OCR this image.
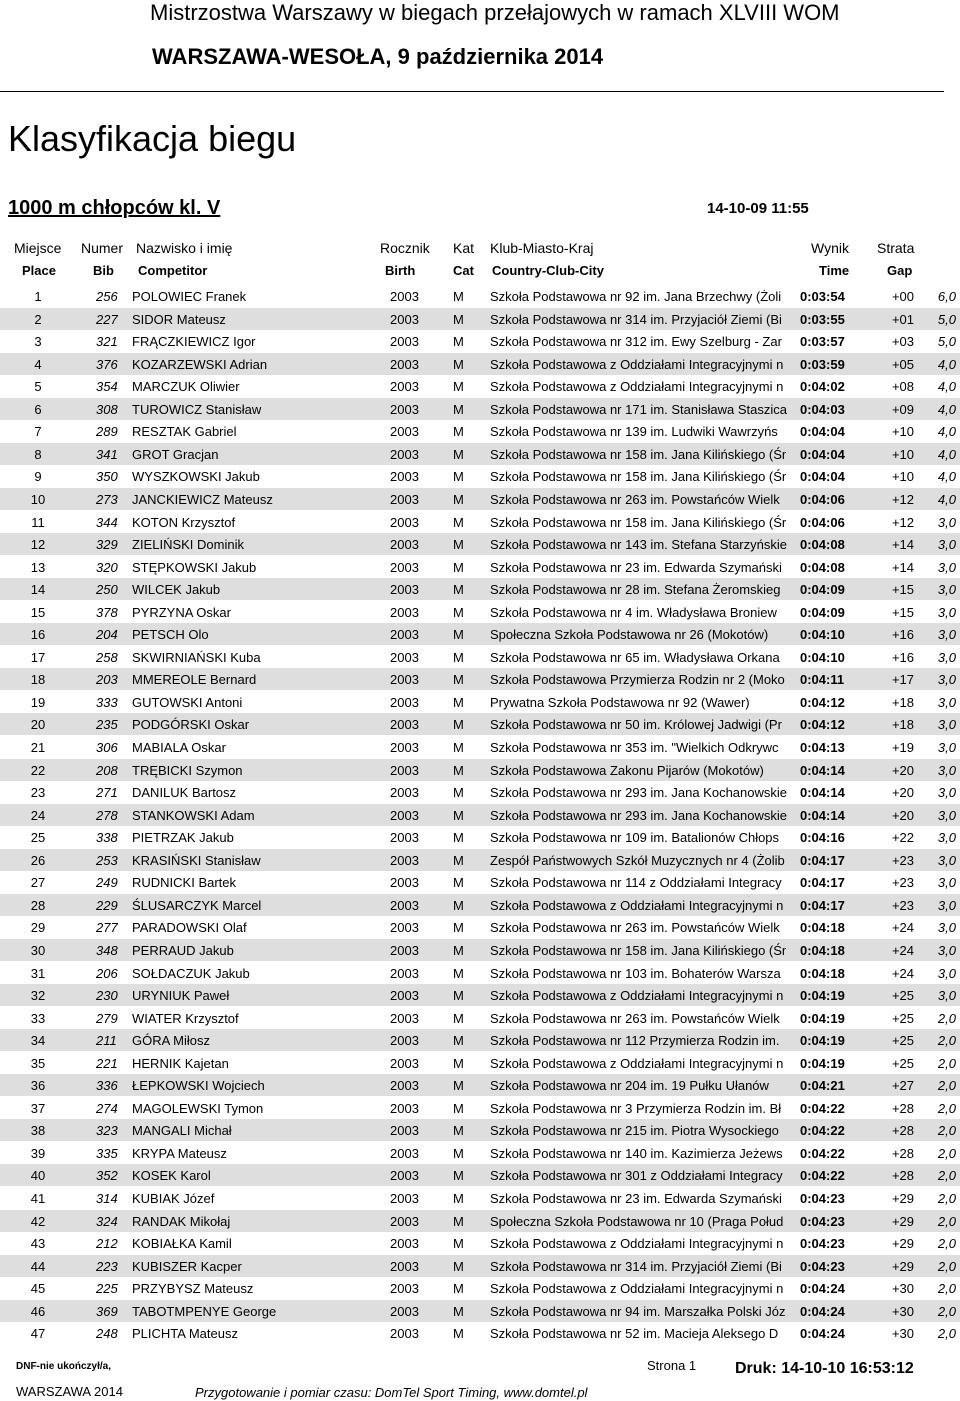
Mistrzostwa Warszawy w biegach przełajowych w ramach XLVIII WOM
WARSZAWA-WESOŁA, 9 października 2014
Klasyfikacja biegu
1000 m chłopców kl. V	14-10-09 11:55
Miejsce Numer Nazwisko i imię	Rocznik Kat Klub-Miasto-Kraj	Wynik Strata
Place	Bib Competitor	Birth	Cat Country-Club-City	Time	Gap
1	256	POLOWIEC Franek	2003	M Szkoła Podstawowa nr 92 im. Jana Brzechwy (Żoli	0:03:54	+00	6,0
2	227	SIDOR Mateusz	2003	M Szkoła Podstawowa nr 314 im. Przyjaciół Ziemi (Bi	0:03:55	+01	5,0
3	321	FRĄCZKIEWICZ Igor	2003	M Szkoła Podstawowa nr 312 im. Ewy Szelburg - Zar	0:03:57	+03	5,0
4	376	KOZARZEWSKI Adrian	2003	M Szkoła Podstawowa z Oddziałami Integracyjnymi n	0:03:59	+05	4,0
5	354	MARCZUK Oliwier	2003	M Szkoła Podstawowa z Oddziałami Integracyjnymi n	0:04:02	+08	4,0
6	308	TUROWICZ Stanisław	2003	M Szkoła Podstawowa nr 171 im. Stanisława Staszica 0:04:03	+09	4,0
7	289	RESZTAK Gabriel	2003	M Szkoła Podstawowa nr 139 im. Ludwiki Wawrzyńs	0:04:04	+10	4,0
8	341	GROT Gracjan	2003	M Szkoła Podstawowa nr 158 im. Jana Kilińskiego (Śr 0:04:04	+10	4,0
9	350	WYSZKOWSKI Jakub	2003	M Szkoła Podstawowa nr 158 im. Jana Kilińskiego (Śr 0:04:04	+10	4,0
10	273	JANCKIEWICZ Mateusz	2003	M Szkoła Podstawowa nr 263 im. Powstańców Wielk	0:04:06	+12	4,0
11	344	KOTON Krzysztof	2003	M Szkoła Podstawowa nr 158 im. Jana Kilińskiego (Śr 0:04:06	+12	3,0
12	329	ZIELIŃSKI Dominik	2003	M Szkoła Podstawowa nr 143 im. Stefana Starzyńskie 0:04:08	+14	3,0
13	320	STĘPKOWSKI Jakub	2003	M Szkoła Podstawowa nr 23 im. Edwarda Szymański	0:04:08	+14	3,0
14	250	WILCEK Jakub	2003	M Szkoła Podstawowa nr 28 im. Stefana Żeromskieg	0:04:09	+15	3,0
15	378	PYRZYNA Oskar	2003	M Szkoła Podstawowa nr 4 im. Władysława Broniew	0:04:09	+15	3,0
16	204	PETSCH Olo	2003	M Społeczna Szkoła Podstawowa nr 26 (Mokotów)	0:04:10	+16	3,0
17	258	SKWIRNIAŃSKI Kuba	2003	M Szkoła Podstawowa nr 65 im. Władysława Orkana	0:04:10	+16	3,0
18	203	MMEREOLE Bernard	2003	M Szkoła Podstawowa Przymierza Rodzin nr 2 (Moko	0:04:11	+17	3,0
19	333	GUTOWSKI Antoni	2003	M Prywatna Szkoła Podstawowa nr 92 (Wawer)	0:04:12	+18	3,0
20	235	PODGÓRSKI Oskar	2003	M Szkoła Podstawowa nr 50 im. Królowej Jadwigi (Pr	0:04:12	+18	3,0
21	306	MABIALA Oskar	2003	M Szkoła Podstawowa nr 353 im. "Wielkich Odkrywc	0:04:13	+19	3,0
22	208	TRĘBICKI Szymon	2003	M Szkoła Podstawowa Zakonu Pijarów (Mokotów)	0:04:14	+20	3,0
23	271	DANILUK Bartosz	2003	M Szkoła Podstawowa nr 293 im. Jana Kochanowskie 0:04:14	+20	3,0
24	278	STANKOWSKI Adam	2003	M Szkoła Podstawowa nr 293 im. Jana Kochanowskie 0:04:14	+20	3,0
25	338	PIETRZAK Jakub	2003	M Szkoła Podstawowa nr 109 im. Batalionów Chłops	0:04:16	+22	3,0
26	253	KRASIŃSKI Stanisław	2003	M Zespół Państwowych Szkół Muzycznych nr 4 (Żolib	0:04:17	+23	3,0
27	249	RUDNICKI Bartek	2003	M Szkoła Podstawowa nr 114 z Oddziałami Integracy	0:04:17	+23	3,0
28	229	ŚLUSARCZYK Marcel	2003	M Szkoła Podstawowa z Oddziałami Integracyjnymi n	0:04:17	+23	3,0
29	277	PARADOWSKI Olaf	2003	M Szkoła Podstawowa nr 263 im. Powstańców Wielk	0:04:18	+24	3,0
30	348	PERRAUD Jakub	2003	M Szkoła Podstawowa nr 158 im. Jana Kilińskiego (Śr 0:04:18	+24	3,0
31	206	SOŁDACZUK Jakub	2003	M Szkoła Podstawowa nr 103 im. Bohaterów Warsza	0:04:18	+24	3,0
32	230	URYNIUK Paweł	2003	M Szkoła Podstawowa z Oddziałami Integracyjnymi n	0:04:19	+25	3,0
33	279	WIATER Krzysztof	2003	M Szkoła Podstawowa nr 263 im. Powstańców Wielk	0:04:19	+25	2,0
34	211	GÓRA Miłosz	2003	M Szkoła Podstawowa nr 112 Przymierza Rodzin im.	0:04:19	+25	2,0
35	221	HERNIK Kajetan	2003	M Szkoła Podstawowa z Oddziałami Integracyjnymi n	0:04:19	+25	2,0
36	336	ŁEPKOWSKI Wojciech	2003	M Szkoła Podstawowa nr 204 im. 19 Pułku Ułanów	0:04:21	+27	2,0
37	274	MAGOLEWSKI Tymon	2003	M Szkoła Podstawowa nr 3 Przymierza Rodzin im. Bł	0:04:22	+28	2,0
38	323	MANGALI Michał	2003	M Szkoła Podstawowa nr 215 im. Piotra Wysockiego	0:04:22	+28	2,0
39	335	KRYPA Mateusz	2003	M Szkoła Podstawowa nr 140 im. Kazimierza Jeżews	0:04:22	+28	2,0
40	352	KOSEK Karol	2003	M Szkoła Podstawowa nr 301 z Oddziałami Integracy	0:04:22	+28	2,0
41	314	KUBIAK Józef	2003	M Szkoła Podstawowa nr 23 im. Edwarda Szymański	0:04:23	+29	2,0
42	324	RANDAK Mikołaj	2003	M Społeczna Szkoła Podstawowa nr 10 (Praga Połud	0:04:23	+29	2,0
43	212	KOBIAŁKA Kamil	2003	M Szkoła Podstawowa z Oddziałami Integracyjnymi n	0:04:23	+29	2,0
44	223	KUBISZER Kacper	2003	M Szkoła Podstawowa nr 314 im. Przyjaciół Ziemi (Bi	0:04:23	+29	2,0
45	225	PRZYBYSZ Mateusz	2003	M Szkoła Podstawowa z Oddziałami Integracyjnymi n	0:04:24	+30	2,0
46	369	TABOTMPENYE George	2003	M Szkoła Podstawowa nr 94 im. Marszałka Polski Józ	0:04:24	+30	2,0
47	248	PLICHTA Mateusz	2003	M Szkoła Podstawowa nr 52 im. Macieja Aleksego D	0:04:24	+30	2,0
DNF-nie ukończył/a,
WARSZAWA 2014
Strona 1 Druk: 14-10-10 16:53:12
Przygotowanie i pomiar czasu: DomTel Sport Timing, www.domtel.pl
